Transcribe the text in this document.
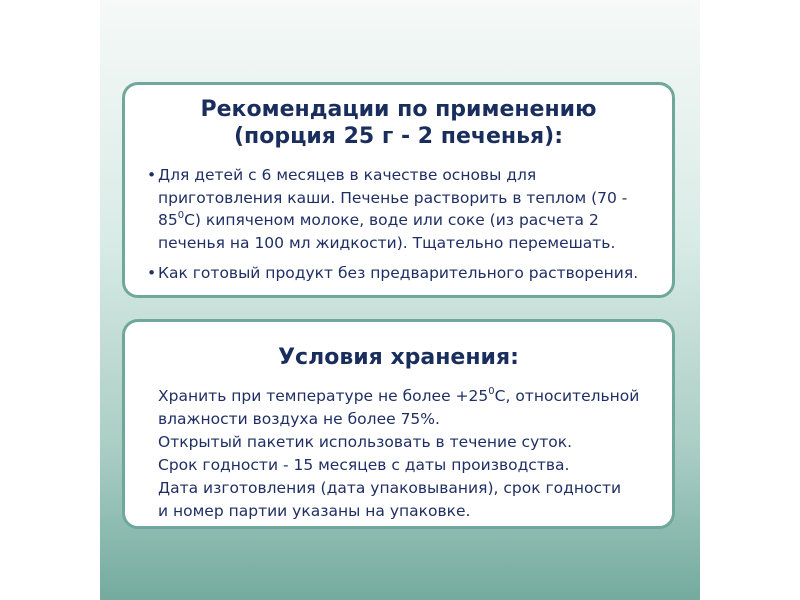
Рекомендации по применению
(порция 25 г - 2 печенья):
• Для детей с 6 месяцев в качестве основы для приготовления каши. Печенье растворить в теплом $(70 - 85^0С)$ кипяченом молоке, воде или соке (из расчета 2 печенья на 100 мл жидкости). Тщательно перемешать.
• Как готовый продукт без предварительного растворения.
Условия хранения:
Хранить при температуре не более $+25^0С$, относительной
влажности воздуха не более 75%.
Открытый пакетик использовать в течение суток.
Срок годности - 15 месяцев с даты производства.
Дата изготовления (дата упаковывания), срок годности
и номер партии указаны на упаковке.
